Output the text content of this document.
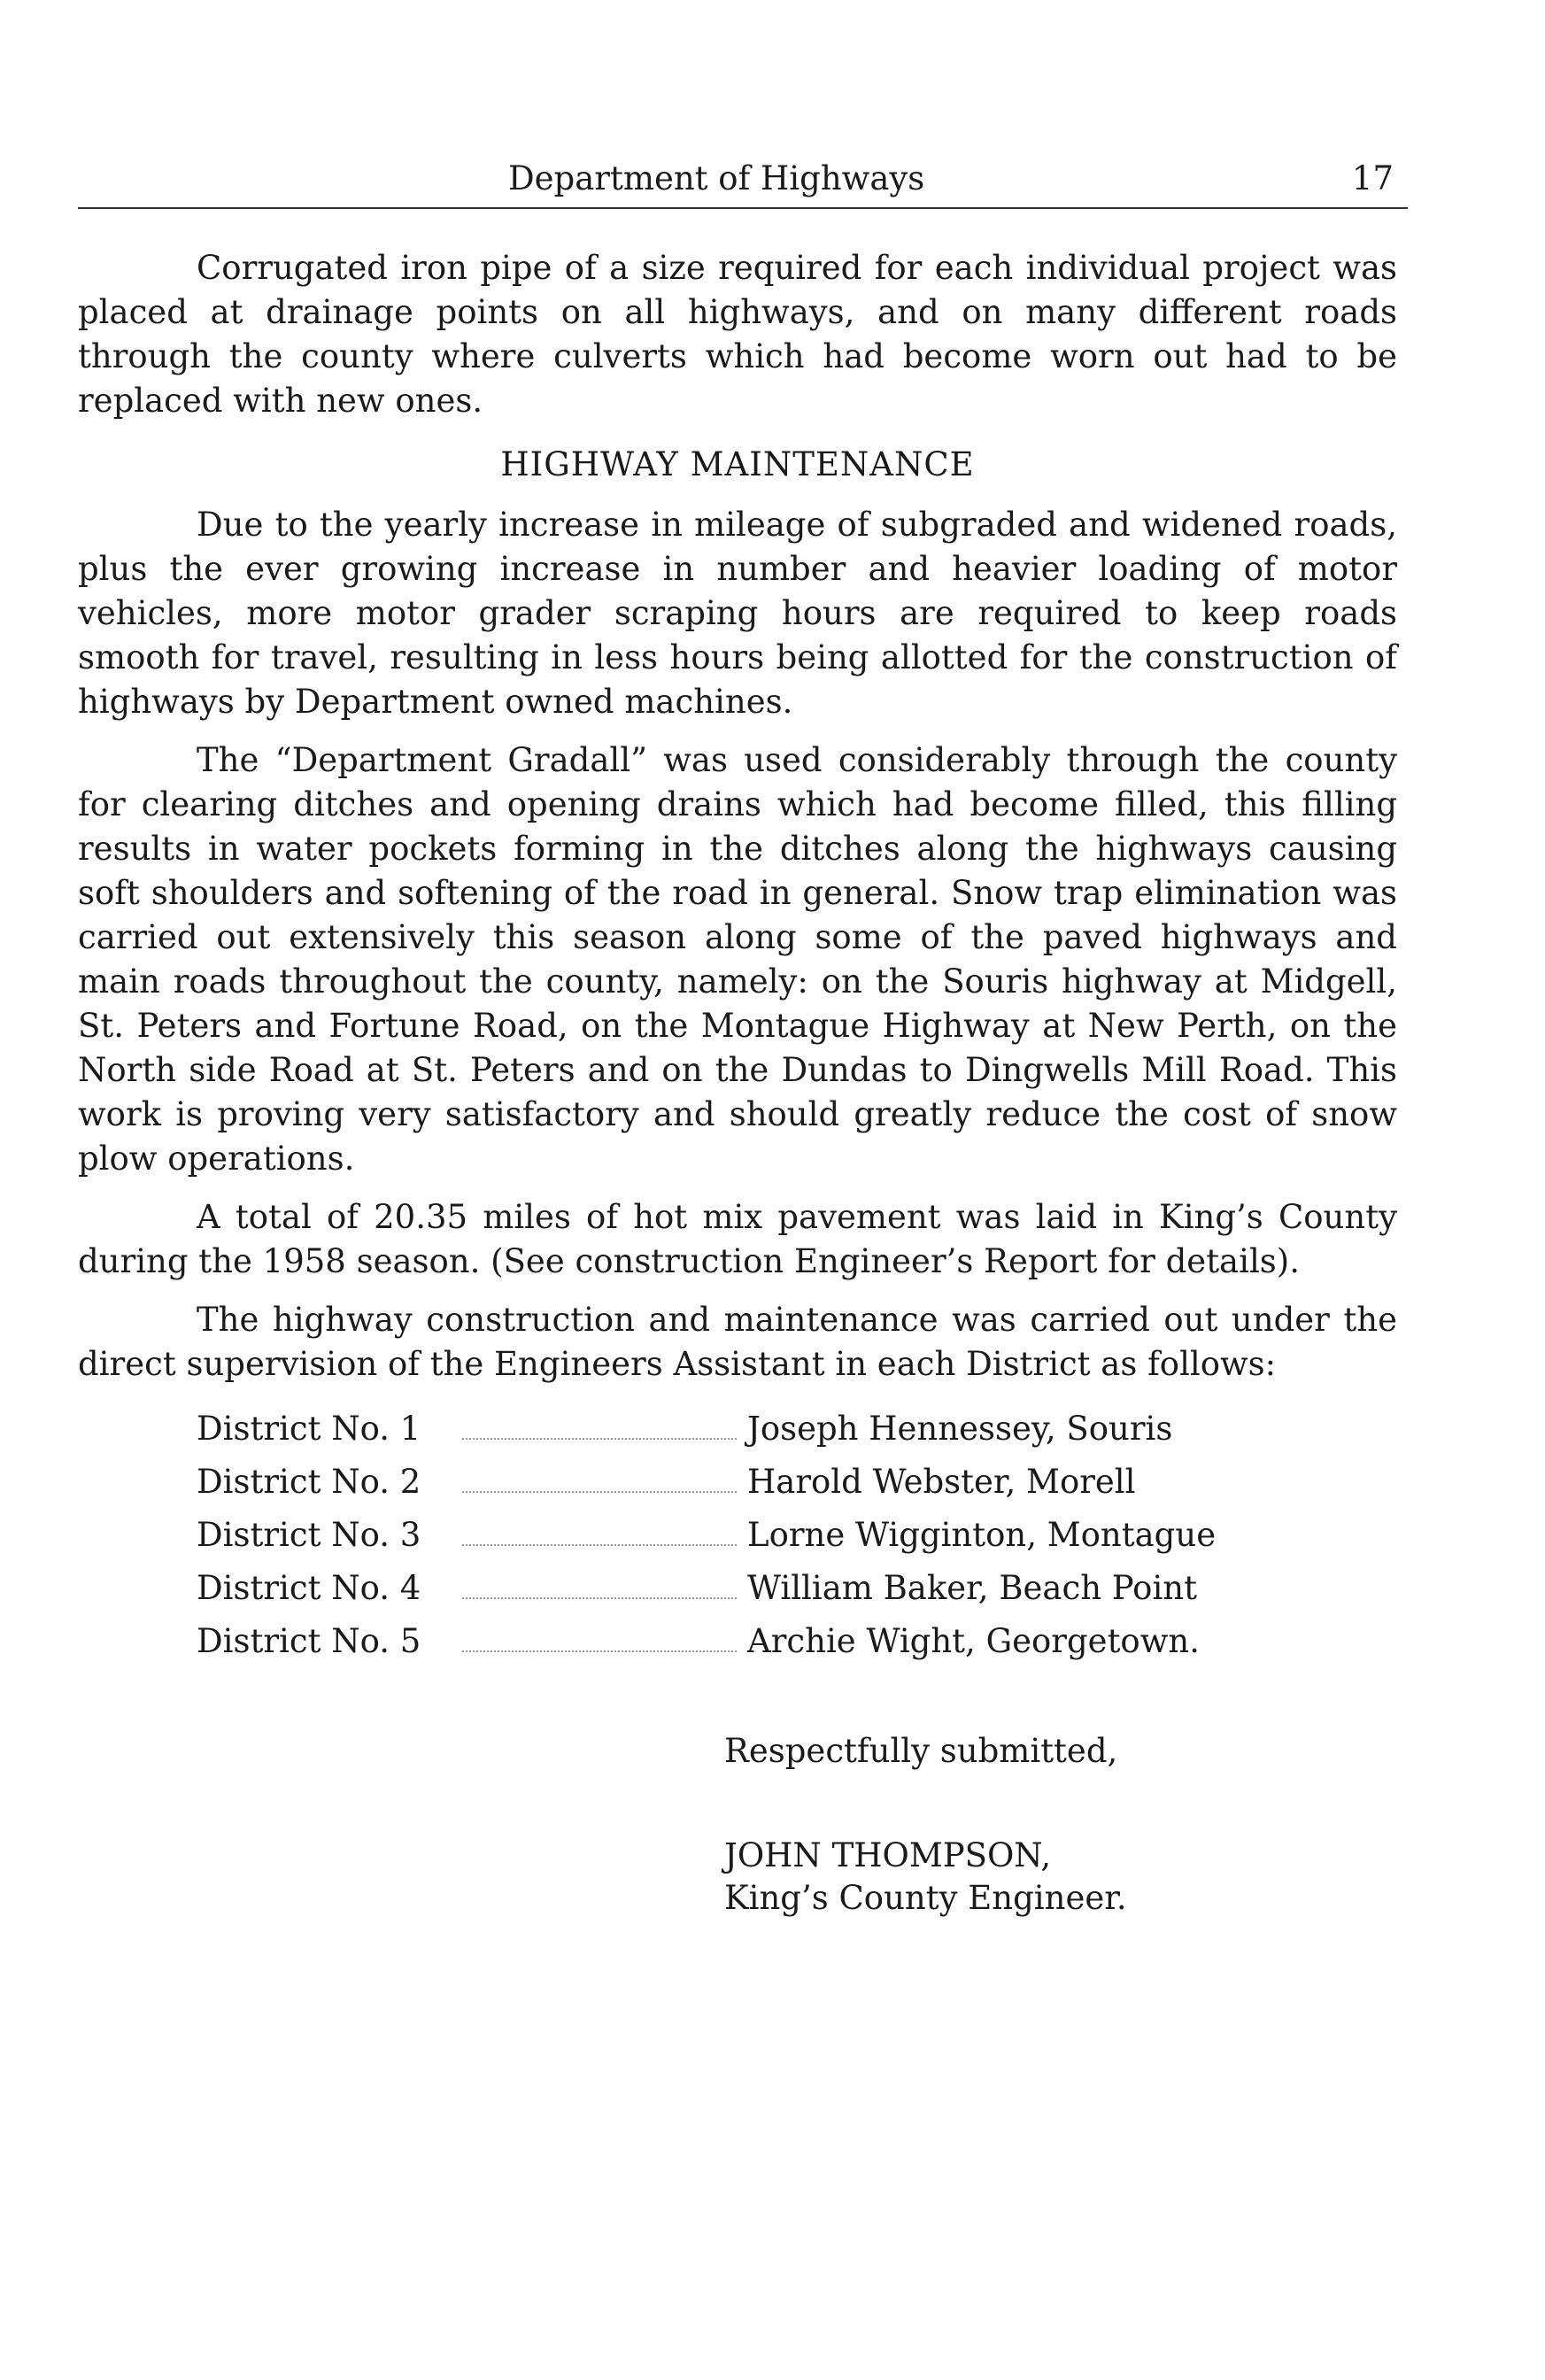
Department of Highways	17

Corrugated iron pipe of a size required for each individual project was placed at drainage points on all highways, and on many different roads through the county where culverts which had become worn out had to be replaced with new ones.

HIGHWAY MAINTENANCE

Due to the yearly increase in mileage of subgraded and widened roads, plus the ever growing increase in number and heavier loading of motor vehicles, more motor grader scraping hours are required to keep roads smooth for travel, resulting in less hours being allotted for the construction of highways by Department owned machines.

The “Department Gradall” was used considerably through the county for clearing ditches and opening drains which had become filled, this filling results in water pockets forming in the ditches along the highways causing soft shoulders and softening of the road in general. Snow trap elimination was carried out extensively this season along some of the paved highways and main roads throughout the county, namely: on the Souris highway at Midgell, St. Peters and Fortune Road, on the Montague Highway at New Perth, on the North side Road at St. Peters and on the Dundas to Dingwells Mill Road. This work is proving very satisfactory and should greatly reduce the cost of snow plow operations.

A total of 20.35 miles of hot mix pavement was laid in King’s County during the 1958 season. (See construction Engineer’s Report for details).

The highway construction and maintenance was carried out under the direct supervision of the Engineers Assistant in each District as follows:

District No. 1	Joseph Hennessey, Souris
District No. 2	Harold Webster, Morell
District No. 3	Lorne Wigginton, Montague
District No. 4	William Baker, Beach Point
District No. 5	Archie Wight, Georgetown.
Respectfully submitted,
JOHN THOMPSON,
King’s County Engineer.
